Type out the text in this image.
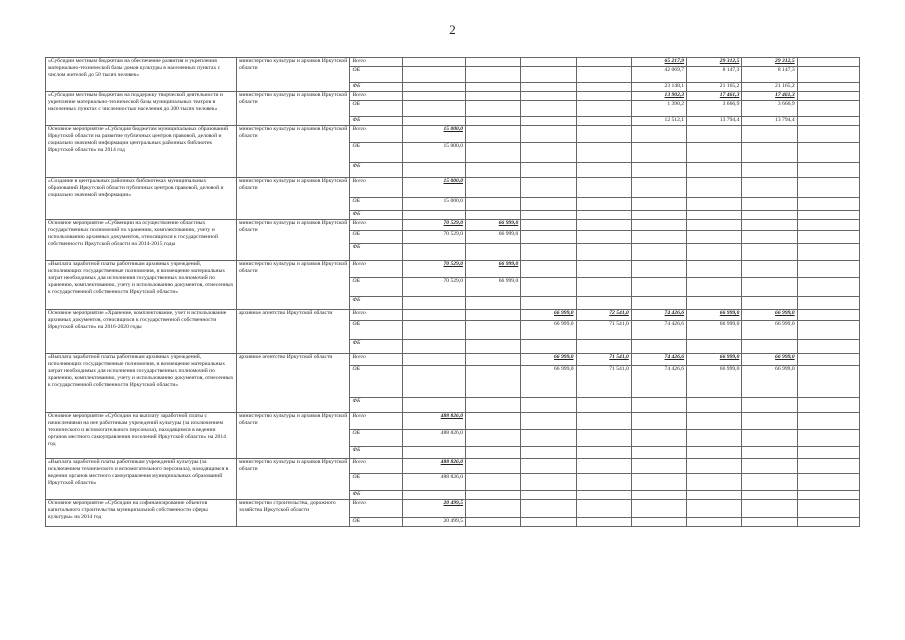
2
«Субсидии местным бюджетам на обеспечение развития и укрепления материально-технической базы домов культуры в населенных пунктах с числом жителей до 50 тысяч человек»	министерство культуры и архивов Иркутской области	Всего					65 217,9	29 312,5	29 312,5	
		ОБ					42 069,7	8 147,3	8 147,3	
		ФБ					23 148,1	21 165,2	21 165,2	
«Субсидии местным бюджетам на поддержку творческой деятельности и укрепление материально-технической базы муниципальных театров в населенных пунктах с численностью населения до 300 тысяч человек»	министерство культуры и архивов Иркутской области	Всего					13 902,3	17 461,3	17 461,3	
		ОБ					1 390,2	3 666,9	3 666,9	
		ФБ					12 512,1	13 794,4	13 794,4	
Основное мероприятие «Субсидия бюджетам муниципальных образований Иркутской области на развитие публичных центров правовой, деловой и социально значимой информации центральных районных библиотек Иркутской области» на 2014 год	министерство культуры и архивов Иркутской области	Всего	15 000,0							
		ОБ	15 000,0							
		ФБ								
«Создание в центральных районных библиотеках муниципальных образований Иркутской области публичных центров правовой, деловой и социально значимой информации»	министерство культуры и архивов Иркутской области	Всего	15 000,0							
		ОБ	15 000,0							
		ФБ								
Основное мероприятие «Субвенции на осуществление областных государственных полномочий по хранению, комплектованию, учету и использованию архивных документов, относящихся к государственной собственности Иркутской области на 2014-2015 годы	министерство культуры и архивов Иркутской области	Всего	70 529,0	66 999,0						
		ОБ	70 529,0	66 999,0						
		ФБ								
«Выплата заработной платы работникам архивных учреждений, исполняющих государственные полномочия, и возмещение материальных затрат необходимых для исполнения государственных полномочий по хранению, комплектованию, учету и использованию документов, отнесенных к государственной собственности Иркутской области»	министерство культуры и архивов Иркутской области	Всего	70 529,0	66 999,0						
		ОБ	70 529,0	66 999,0						
		ФБ								
Основное мероприятие «Хранение, комплектование, учет и использование архивных документов, относящихся к государственной собственности Иркутской области» на 2016-2020 годы	архивное агентство Иркутской области	Всего			66 999,0	72 541,0	74 426,6	66 999,0	66 999,0	
		ОБ			66 999,0	71 541,0	74 426,6	66 999,0	66 999,0	
		ФБ								
«Выплата заработной платы работникам архивных учреждений, исполняющих государственные полномочия, и возмещение материальных затрат необходимых для исполнения государственных полномочий по хранению, комплектованию, учету и использованию документов, отнесенных к государственной собственности Иркутской области»	архивное агентство Иркутской области	Всего			66 999,0	71 541,0	74 426,6	66 999,0	66 999,0	
		ОБ			66 999,0	71 541,0	74 426,6	66 999,0	66 999,0	
		ФБ								
Основное мероприятие «Субсидии на выплату заработной платы с начислениями на нее работникам учреждений культуры (за исключением технического и вспомогательного персонала), находящимся в ведении органов местного самоуправления поселений Иркутской области» на 2014 год	министерство культуры и архивов Иркутской области	Всего	488 826,0							
		ОБ	488 826,0							
		ФБ								
«Выплата заработной платы работникам учреждений культуры (за исключением технического и вспомогательного персонала), находящимся в ведении органов местного самоуправления муниципальных образований Иркутской области»	министерство культуры и архивов Иркутской области	Всего	488 826,0							
		ОБ	488 826,0							
		ФБ								
Основное мероприятие «Субсидии на софинансирование объектов капитального строительства муниципальной собственности сферы культуры» на 2014 год	министерство строительства, дорожного хозяйства Иркутской области	Всего	20 499,5							
		ОБ	20 499,5							
